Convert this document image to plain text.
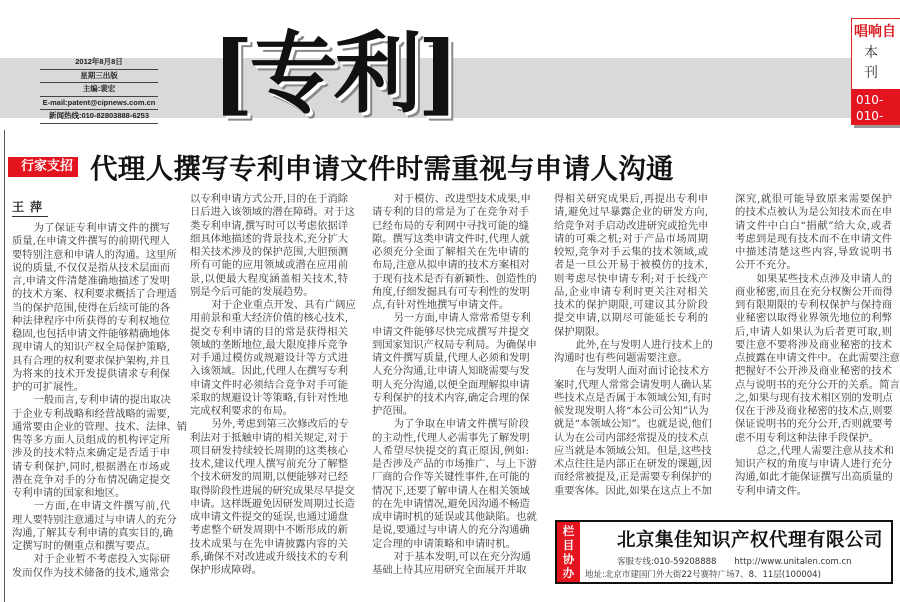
2012年8月8日
星期三出版
主编:裴宏
E-mail:patent@cipnews.com.cn
新闻热线:010-82803888-6253 [专利]	唱响自
本
刊
010-
010-
行家支招 代理人撰写专利申请文件时需重视与申请人沟通
王萍
为了保证专利申请文件的撰写
质量,在申请文件撰写的前期代理人
要特别注意和申请人的沟通。这里所
说的质量,不仅仅是指从技术层面而
言,申请文件清楚准确地描述了发明
的技术方案、权利要求概括了合理适
当的保护范围,使得在后续可能的各
种法律程序中所获得的专利权地位
稳固,也包括申请文件能够精确地体
现申请人的知识产权全局保护策略,
具有合理的权利要求保护架构,并且
为将来的技术开发提供请求专利保
护的可扩展性。
一般而言,专利申请的提出取决
于企业专利战略和经营战略的需要,
通常要由企业的管理、技术、法律、销
售等多方面人员组成的机构评定所
涉及的技术特点来确定是否适于申
请专利保护,同时,根据潜在市场或
潜在竞争对手的分布情况确定提交
专利申请的国家和地区。
一方面,在申请文件撰写前,代
理人要特别注意通过与申请人的充分
沟通,了解其专利申请的真实目的,确
定撰写时的侧重点和撰写要点。
对于企业暂不考虑投入实际研
发而仅作为技术储备的技术,通常会
以专利申请方式公开,目的在于消除
日后进入该领域的潜在障碍。对于这
类专利申请,撰写时可以考虑依据详
细具体地描述的背景技术,充分扩大
相关技术涉及的保护范围,大胆预测
所有可能的应用领域或潜在应用前
景,以便最大程度涵盖相关技术,特
别是今后可能的发展趋势。
对于企业重点开发、具有广阔应
用前景和重大经济价值的核心技术,
提交专利申请的目的常是获得相关
领域的垄断地位,最大限度排斥竞争
对手通过模仿或规避设计等方式进
入该领域。因此,代理人在撰写专利
申请文件时必须结合竞争对手可能
采取的规避设计等策略,有针对性地
完成权利要求的布局。
另外,考虑到第三次修改后的专
利法对于抵触申请的相关规定,对于
项目研发持续较长周期的这类核心
技术,建议代理人撰写前充分了解整
个技术研发的周期,以便能够对已经
取得阶段性进展的研究成果尽早提交
申请。这样既避免因研发周期过长造
成申请文件提交的延误,也通过通盘
考虑整个研发周期中不断形成的新
技术成果与在先申请披露内容的关
系,确保不对改进或升级技术的专利
保护形成障碍。
对于模仿、改进型技术成果,申
请专利的目的常是为了在竞争对手
已经布局的专利网中寻找可能的缝
隙。撰写这类申请文件时,代理人就
必须充分全面了解相关在先申请的
布局,注意从拟申请的技术方案相对
于现有技术是否有新颖性、创造性的
角度,仔细发掘具有可专利性的发明
点,有针对性地撰写申请文件。
另一方面,申请人常常希望专利
申请文件能够尽快完成撰写并提交
到国家知识产权局专利局。为确保申
请文件撰写质量,代理人必须和发明
人充分沟通,让申请人知晓需要与发
明人充分沟通,以便全面理解拟申请
专利保护的技术内容,确定合理的保
护范围。
为了争取在申请文件撰写阶段
的主动性,代理人必需事先了解发明
人希望尽快提交的真正原因,例如:
是否涉及产品的市场推广、与上下游
厂商的合作等关键性事件,在可能的
情况下,还要了解申请人在相关领域
的在先申请情况,避免因沟通不畅造
成申请时机的延误或其他缺陷。也就
是说,要通过与申请人的充分沟通确
定合理的申请策略和申请时机。
对于基本发明,可以在充分沟通
基础上待其应用研究全面展开并取
得相关研究成果后,再提出专利申
请,避免过早暴露企业的研发方向,
给竞争对手启动改进研究或抢先申
请的可乘之机;对于产品市场周期
较短,竞争对手云集的技术领域,或
者是一旦公开易于被模仿的技术,
则考虑尽快申请专利;对于长线产
品,企业申请专利时更关注对相关
技术的保护期限,可建议其分阶段
提交申请,以期尽可能延长专利的
保护期限。
此外,在与发明人进行技术上的
沟通时也有些问题需要注意。
在与发明人面对面讨论技术方
案时,代理人常常会请发明人确认某
些技术点是否属于本领域公知,有时
候发现发明人将“本公司公知”认为
就是“本领域公知”。也就是说,他们
认为在公司内部经常提及的技术点
应当就是本领域公知。但是,这些技
术点往往是内部正在研发的课题,因
而经常被提及,正是需要专利保护的
重要客体。因此,如果在这点上不加
深究,就很可能导致原来需要保护
的技术点被认为是公知技术而在申
请文件中白白“捐献”给大众,或者
考虑到是现有技术而不在申请文件
中描述清楚这些内容,导致说明书
公开不充分。
如果某些技术点涉及申请人的
商业秘密,而且在充分权衡公开而得
到有限期限的专利权保护与保持商
业秘密以取得业界领先地位的利弊
后,申请人如果认为后者更可取,则
要注意不要将涉及商业秘密的技术
点披露在申请文件中。在此需要注意
把握好不公开涉及商业秘密的技术
点与说明书的充分公开的关系。简言
之,如果与现有技术相区别的发明点
仅在于涉及商业秘密的技术点,则要
保证说明书的充分公开,否则就要考
虑不用专利这种法律手段保护。
总之,代理人需要注意从技术和
知识产权的角度与申请人进行充分
沟通,如此才能保证撰写出高质量的
专利申请文件。
栏目协办
北京集佳知识产权代理有限公司
客服专线:010-59208888 http://www.unitalen.com.cn
地址:北京市建国门外大街22号赛特广场7、8、11层(100004)
